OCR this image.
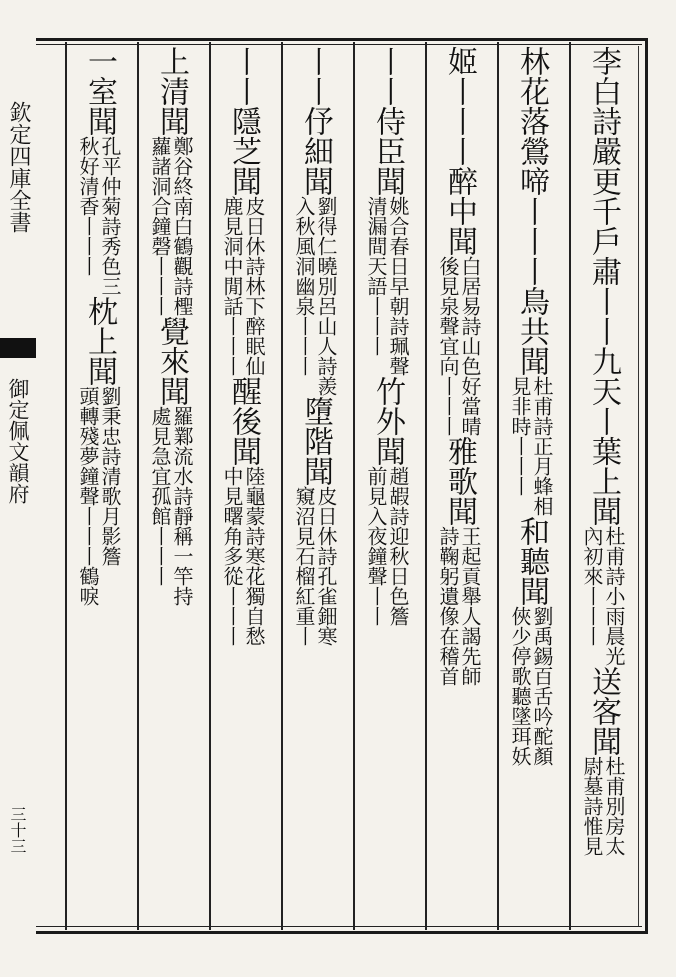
欽定四庫全書
御定佩文韻府
三十三
李白詩嚴更千戶
肅丨丨九天丨
葉上聞
杜甫詩小雨晨光
內初來丨丨丨
送客聞
杜甫別房太
尉墓詩惟見
林花落鶯
啼丨丨丨
鳥共聞
杜甫詩正月蜂相
見非時丨丨丨
和聽聞
劉禹錫百舌吟酡顏
俠少停歌聽墜珥妖
姬丨
丨丨醉中聞
白居易詩山色好當晴
後見泉聲宜向丨丨丨
雅歌聞
王起貢舉人謁先師
詩鞠躬遺像在稽首
丨丨
侍臣聞
姚合春日早朝詩珮聲
清漏間天語丨丨丨
竹外聞
趙嘏詩迎秋日色簷
前見入夜鐘聲丨丨
丨丨
伃細聞
劉得仁曉別呂山人詩羨
入秋風洞幽泉丨丨丨
墮階聞
皮日休詩孔雀鈿寒
窺沼見石榴紅重丨
丨丨
隱芝聞
皮日休詩林下醉眠仙
鹿見洞中閒話丨丨丨
醒後聞
陸龜蒙詩寒花獨自愁
中見曙角多從丨丨丨
上清聞
鄭谷終南白鶴觀詩檉
蘿諸洞合鐘磬丨丨丨
覺來聞
羅鄴流水詩靜稱一竿持
處見急宜孤館丨丨丨
一室聞
孔平仲菊詩秀色三
秋好清香丨丨丨
枕上聞
劉秉忠詩清歌月影簷
頭轉殘夢鐘聲丨丨丨鶴唳
